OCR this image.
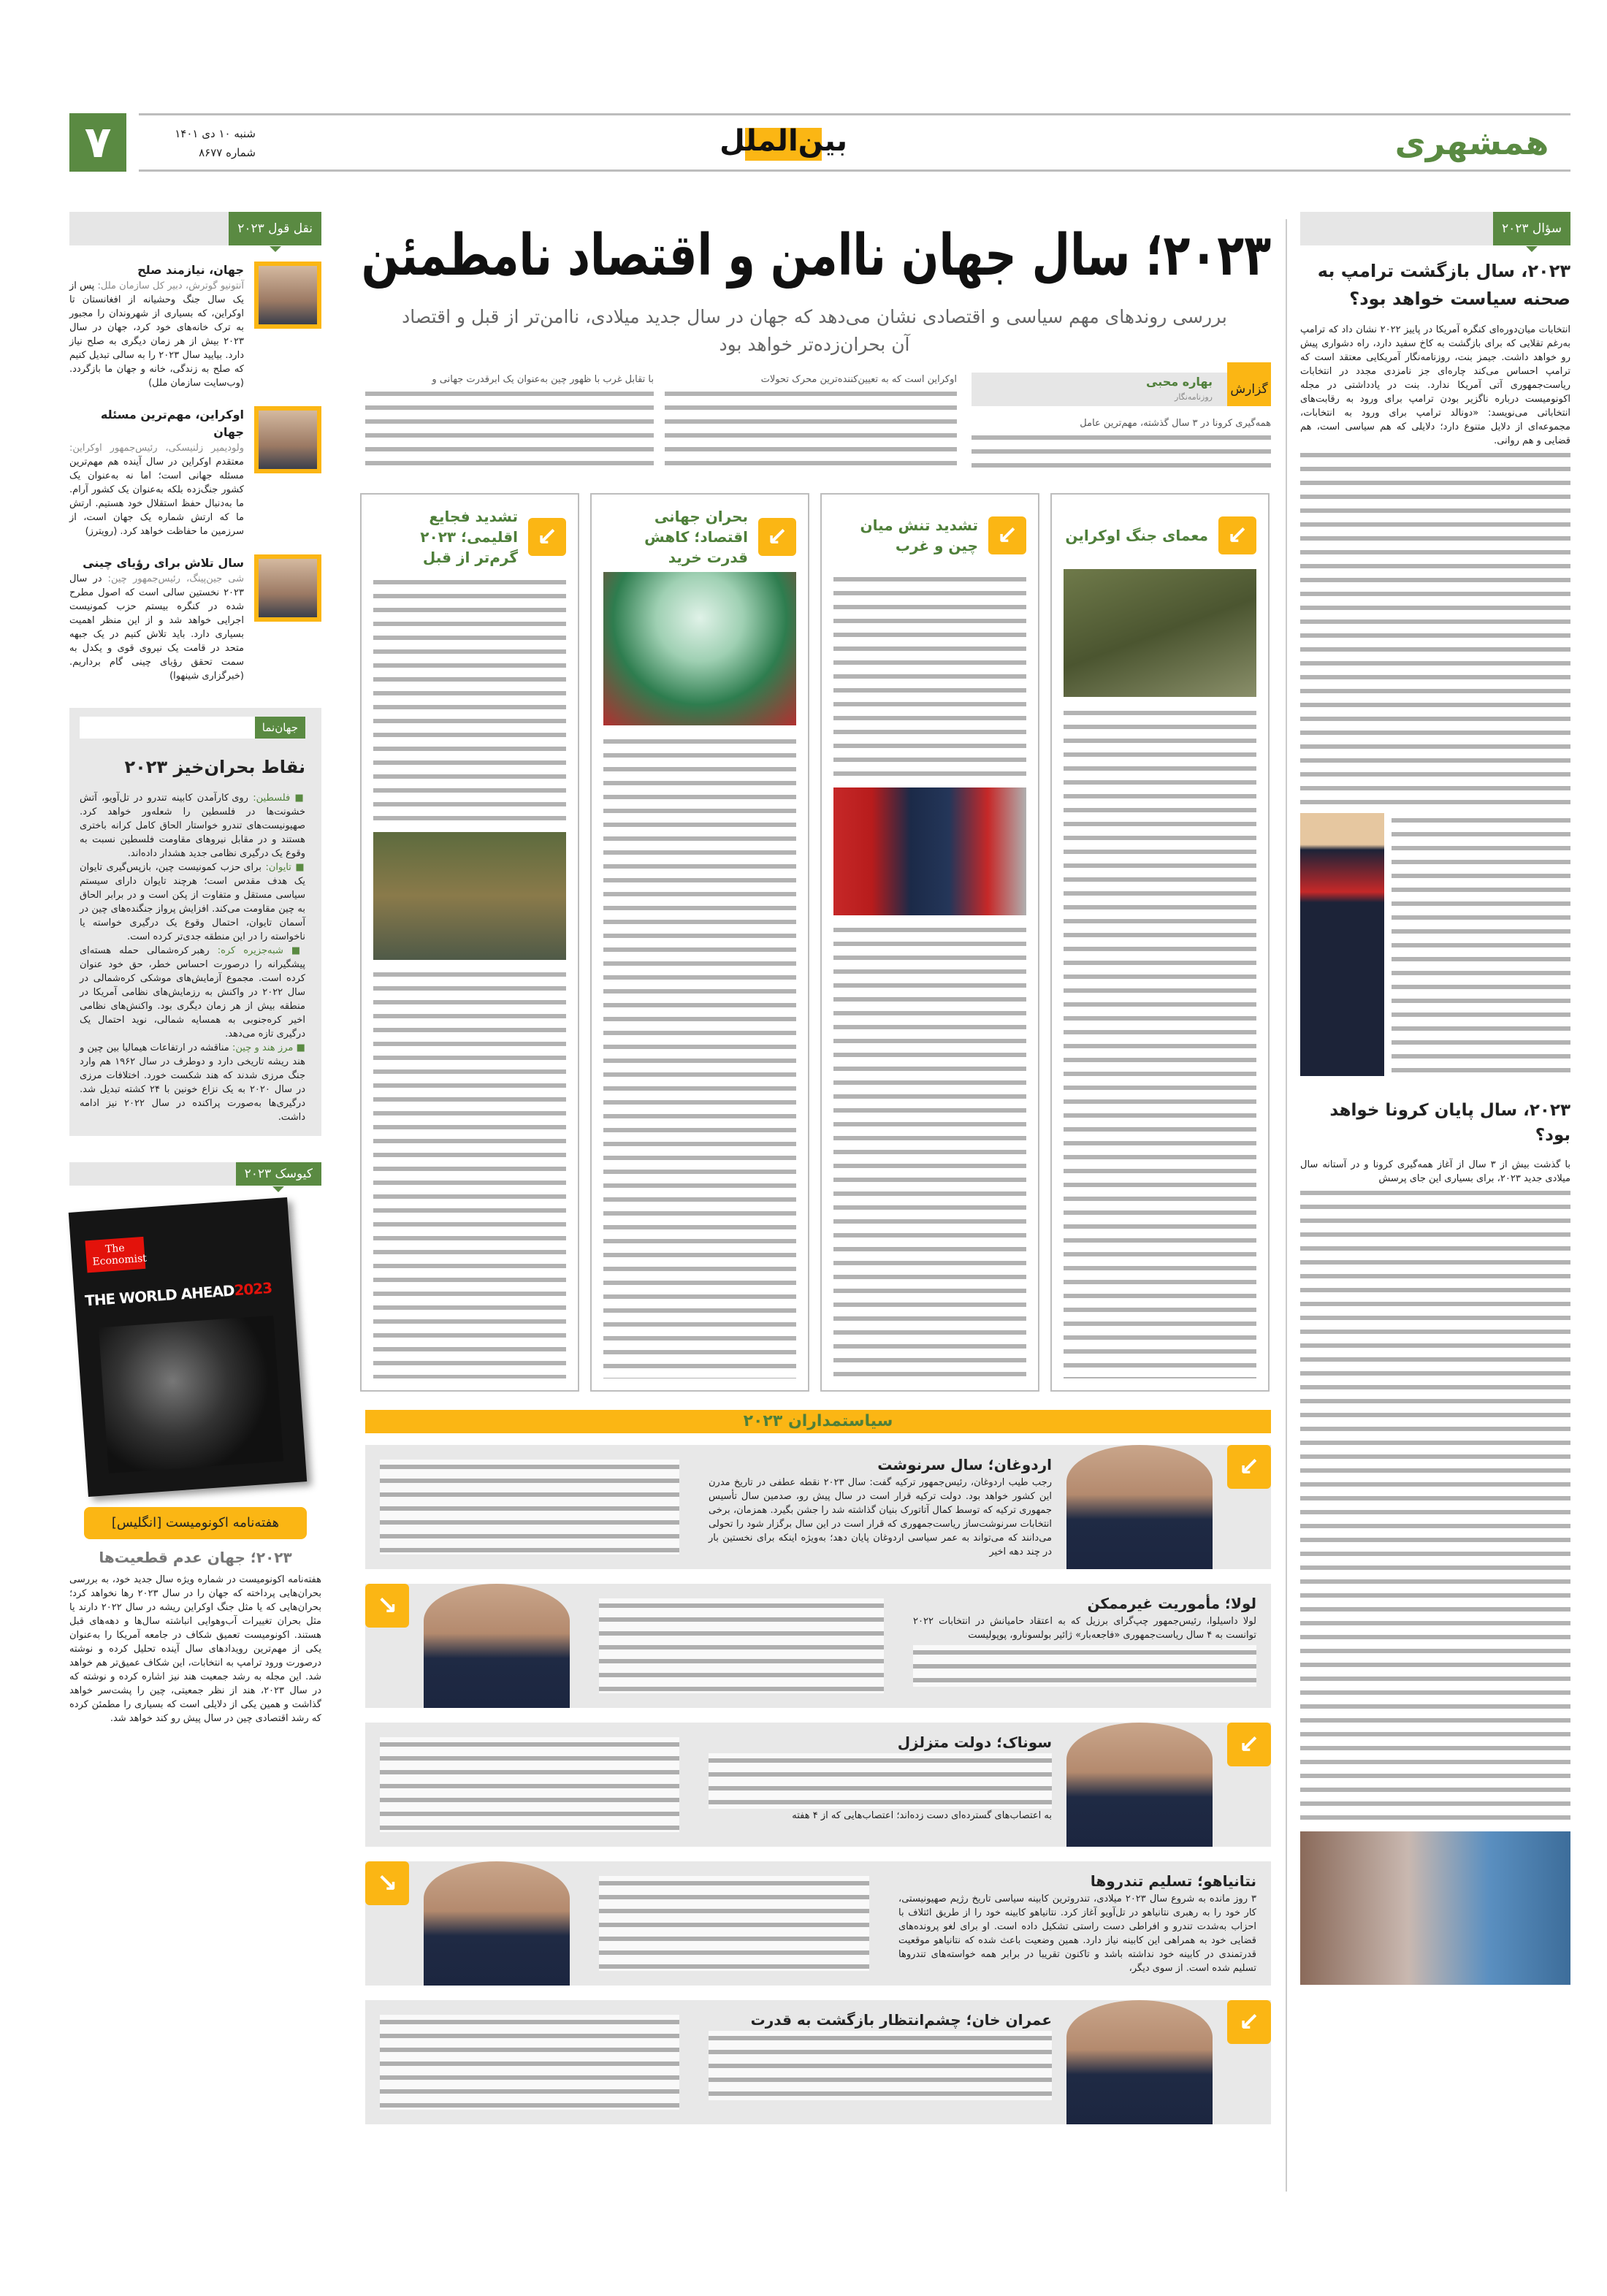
۷	شنبه ۱۰ دی ۱۴۰۱
شماره ۸۶۷۷	بین‌الملل	همشهری
۲۰۲۳؛ سال جهان ناامن و اقتصاد نامطمئن
بررسی روندهای مهم سیاسی و اقتصادی نشان می‌دهد که جهان در سال جدید میلادی، ناامن‌تر از قبل و اقتصاد آن بحران‌زده‌تر خواهد بود
گزارش
بهاره محبی
روزنامه‌نگار
همه‌گیری کرونا در ۳ سال گذشته، مهم‌ترین عامل
اوکراین است که به تعیین‌کننده‌ترین محرک تحولات
با تقابل غرب با ظهور چین به‌عنوان یک ابرقدرت جهانی و
↙
معمای جنگ اوکراین
↙
تشدید تنش میان چین و غرب
↙
بحران جهانی اقتصاد؛ کاهش قدرت خرید
↙
تشدید فجایع اقلیمی؛ ۲۰۲۳ گرم‌تر از قبل
سیاستمداران ۲۰۲۳
↙
اردوغان؛ سال سرنوشت
رجب طیب اردوغان، رئیس‌جمهور ترکیه گفت: سال ۲۰۲۳ نقطه عطفی در تاریخ مدرن این کشور خواهد بود. دولت ترکیه قرار است در سال پیش رو، صدمین سال تأسیس جمهوری ترکیه که توسط کمال آتاتورک بنیان گذاشته شد را جشن بگیرد. همزمان، برخی انتخابات سرنوشت‌ساز ریاست‌جمهوری که قرار است در این سال برگزار شود را تحولی می‌دانند که می‌تواند به عمر سیاسی اردوغان پایان دهد؛ به‌ویژه اینکه برای نخستین بار در چند دهه اخیر
↘	لولا؛ مأموریت غیرممکن
لولا داسیلوا، رئیس‌جمهور چپ‌گرای برزیل که به اعتقاد حامیانش در انتخابات ۲۰۲۲ توانست به ۴ سال ریاست‌جمهوری «فاجعه‌بار» ژائیر بولسونارو، پوپولیست
↙
سوناک؛ دولت متزلزل
به اعتصاب‌های گسترده‌ای دست زده‌اند؛ اعتصاب‌هایی که از ۴ هفته
↘	نتانیاهو؛ تسلیم تندروها
۳ روز مانده به شروع سال ۲۰۲۳ میلادی، تندروترین کابینه سیاسی تاریخ رژیم صهیونیستی، کار خود را به رهبری نتانیاهو در تل‌آویو آغاز کرد. نتانیاهو کابینه خود را از طریق ائتلاف با احزاب به‌شدت تندرو و افراطی دست راستی تشکیل داده است. او برای لغو پرونده‌های قضایی خود به همراهی این کابینه نیاز دارد. همین وضعیت باعث شده که نتانیاهو موقعیت قدرتمندی در کابینه خود نداشته باشد و تاکنون تقریبا در برابر همه خواسته‌های تندروها تسلیم شده است. از سوی دیگر،
↙
عمران خان؛ چشم‌انتظار بازگشت به قدرت
سؤال ۲۰۲۳
۲۰۲۳، سال بازگشت ترامپ به صحنه سیاست خواهد بود؟
انتخابات میان‌دوره‌ای کنگره آمریکا در پاییز ۲۰۲۲ نشان داد که ترامپ به‌رغم تقلایی که برای بازگشت به کاخ سفید دارد، راه دشواری پیش رو خواهد داشت. جیمز بنت، روزنامه‌نگار آمریکایی معتقد است که ترامپ احساس می‌کند چاره‌ای جز نامزدی مجدد در انتخابات ریاست‌جمهوری آتی آمریکا ندارد. بنت در یادداشتی در مجله اکونومیست درباره ناگزیر بودن ترامپ برای ورود به رقابت‌های انتخاباتی می‌نویسد: «دونالد ترامپ برای ورود به انتخابات، مجموعه‌ای از دلایل متنوع دارد؛ دلایلی که هم سیاسی است، هم قضایی و هم روانی.
۲۰۲۳، سال پایان کرونا خواهد بود؟
با گذشت بیش از ۳ سال از آغاز همه‌گیری کرونا و در آستانه سال میلادی جدید ۲۰۲۳، برای بسیاری این جای پرسش
نقل قول ۲۰۲۳
جهان، نیازمند صلح

آنتونیو گوترش، دبیر کل سازمان ملل: پس از یک سال جنگ وحشیانه از افغانستان تا اوکراین، که بسیاری از شهروندان را مجبور به ترک خانه‌های خود کرد، جهان در سال ۲۰۲۳ بیش از هر زمان دیگری به صلح نیاز دارد. بیایید سال ۲۰۲۳ را به سالی تبدیل کنیم که صلح به زندگی، خانه و جهان ما بازگردد. (وب‌سایت سازمان ملل)

اوکراین، مهم‌ترین مسئله جهان

ولودیمیر زلنیسکی، رئیس‌جمهور اوکراین: معتقدم اوکراین در سال آینده هم مهم‌ترین مسئله جهانی است؛ اما نه به‌عنوان یک کشور جنگ‌زده بلکه به‌عنوان یک کشور آرام. ما به‌دنبال حفظ استقلال خود هستیم. ارتش ما که ارتش شماره یک جهان است، از سرزمین ما حفاظت خواهد کرد. (رویترز)

سال تلاش برای رؤیای چینی

شی جین‌پینگ، رئیس‌جمهور چین: در سال ۲۰۲۳ نخستین سالی است که اصول مطرح شده در کنگره بیستم حزب کمونیست اجرایی خواهد شد و از این منظر اهمیت بسیاری دارد. باید تلاش کنیم در یک جبهه متحد در قامت یک نیروی قوی و یکدل به سمت تحقق رؤیای چینی گام برداریم. (خبرگزاری شینهوا)

جهان‌نما
نقاط بحران‌خیز ۲۰۲۳

■ فلسطین: روی کارآمدن کابینه تندرو در تل‌آویو، آتش خشونت‌ها در فلسطین را شعله‌ور خواهد کرد. صهیونیست‌های تندرو خواستار الحاق کامل کرانه باختری هستند و در مقابل نیروهای مقاومت فلسطین نسبت به وقوع یک درگیری نظامی جدید هشدار داده‌اند.

■ تایوان: برای حزب کمونیست چین، بازپس‌گیری تایوان یک هدف مقدس است؛ هرچند تایوان دارای سیستم سیاسی مستقل و متفاوت از پکن است و در برابر الحاق به چین مقاومت می‌کند. افزایش پرواز جنگنده‌های چین در آسمان تایوان، احتمال وقوع یک درگیری خواسته یا ناخواسته را در این منطقه جدی‌تر کرده است.

■ شبه‌جزیره کره: رهبر کره‌شمالی حمله هسته‌ای پیشگیرانه را درصورت احساس خطر، حق خود عنوان کرده است. مجموع آزمایش‌های موشکی کره‌شمالی در سال ۲۰۲۲ در واکنش به رزمایش‌های نظامی آمریکا در منطقه بیش از هر زمان دیگری بود. واکنش‌های نظامی اخیر کره‌جنوبی به همسایه شمالی، نوید احتمال یک درگیری تازه می‌دهد.

■ مرز هند و چین: مناقشه در ارتفاعات هیمالیا بین چین و هند ریشه تاریخی دارد و دوطرف در سال ۱۹۶۲ هم وارد جنگ مرزی شدند که هند شکست خورد. اختلافات مرزی در سال ۲۰۲۰ به یک نزاع خونین با ۲۴ کشته تبدیل شد. درگیری‌ها به‌صورت پراکنده در سال ۲۰۲۲ نیز ادامه داشت.

کیوسک ۲۰۲۳
The Economist
THE WORLD AHEAD2023
هفته‌نامه اکونومیست [انگلیس]
۲۰۲۳؛ جهان عدم قطعیت‌ها
هفته‌نامه اکونومیست در شماره ویژه سال جدید خود، به بررسی بحران‌هایی پرداخته که جهان را در سال ۲۰۲۳ رها نخواهد کرد؛ بحران‌هایی که یا مثل جنگ اوکراین ریشه در سال ۲۰۲۲ دارند یا مثل بحران تغییرات آب‌وهوایی انباشته سال‌ها و دهه‌های قبل هستند. اکونومیست تعمیق شکاف در جامعه آمریکا را به‌عنوان یکی از مهم‌ترین رویدادهای سال آینده تحلیل کرده و نوشته درصورت ورود ترامپ به انتخابات، این شکاف عمیق‌تر هم خواهد شد. این مجله به رشد جمعیت هند نیز اشاره کرده و نوشته که در سال ۲۰۲۳، هند از نظر جمعیتی، چین را پشت‌سر خواهد گذاشت و همین یکی از دلایلی است که بسیاری را مطمئن کرده که رشد اقتصادی چین در سال پیش رو کند خواهد شد.
